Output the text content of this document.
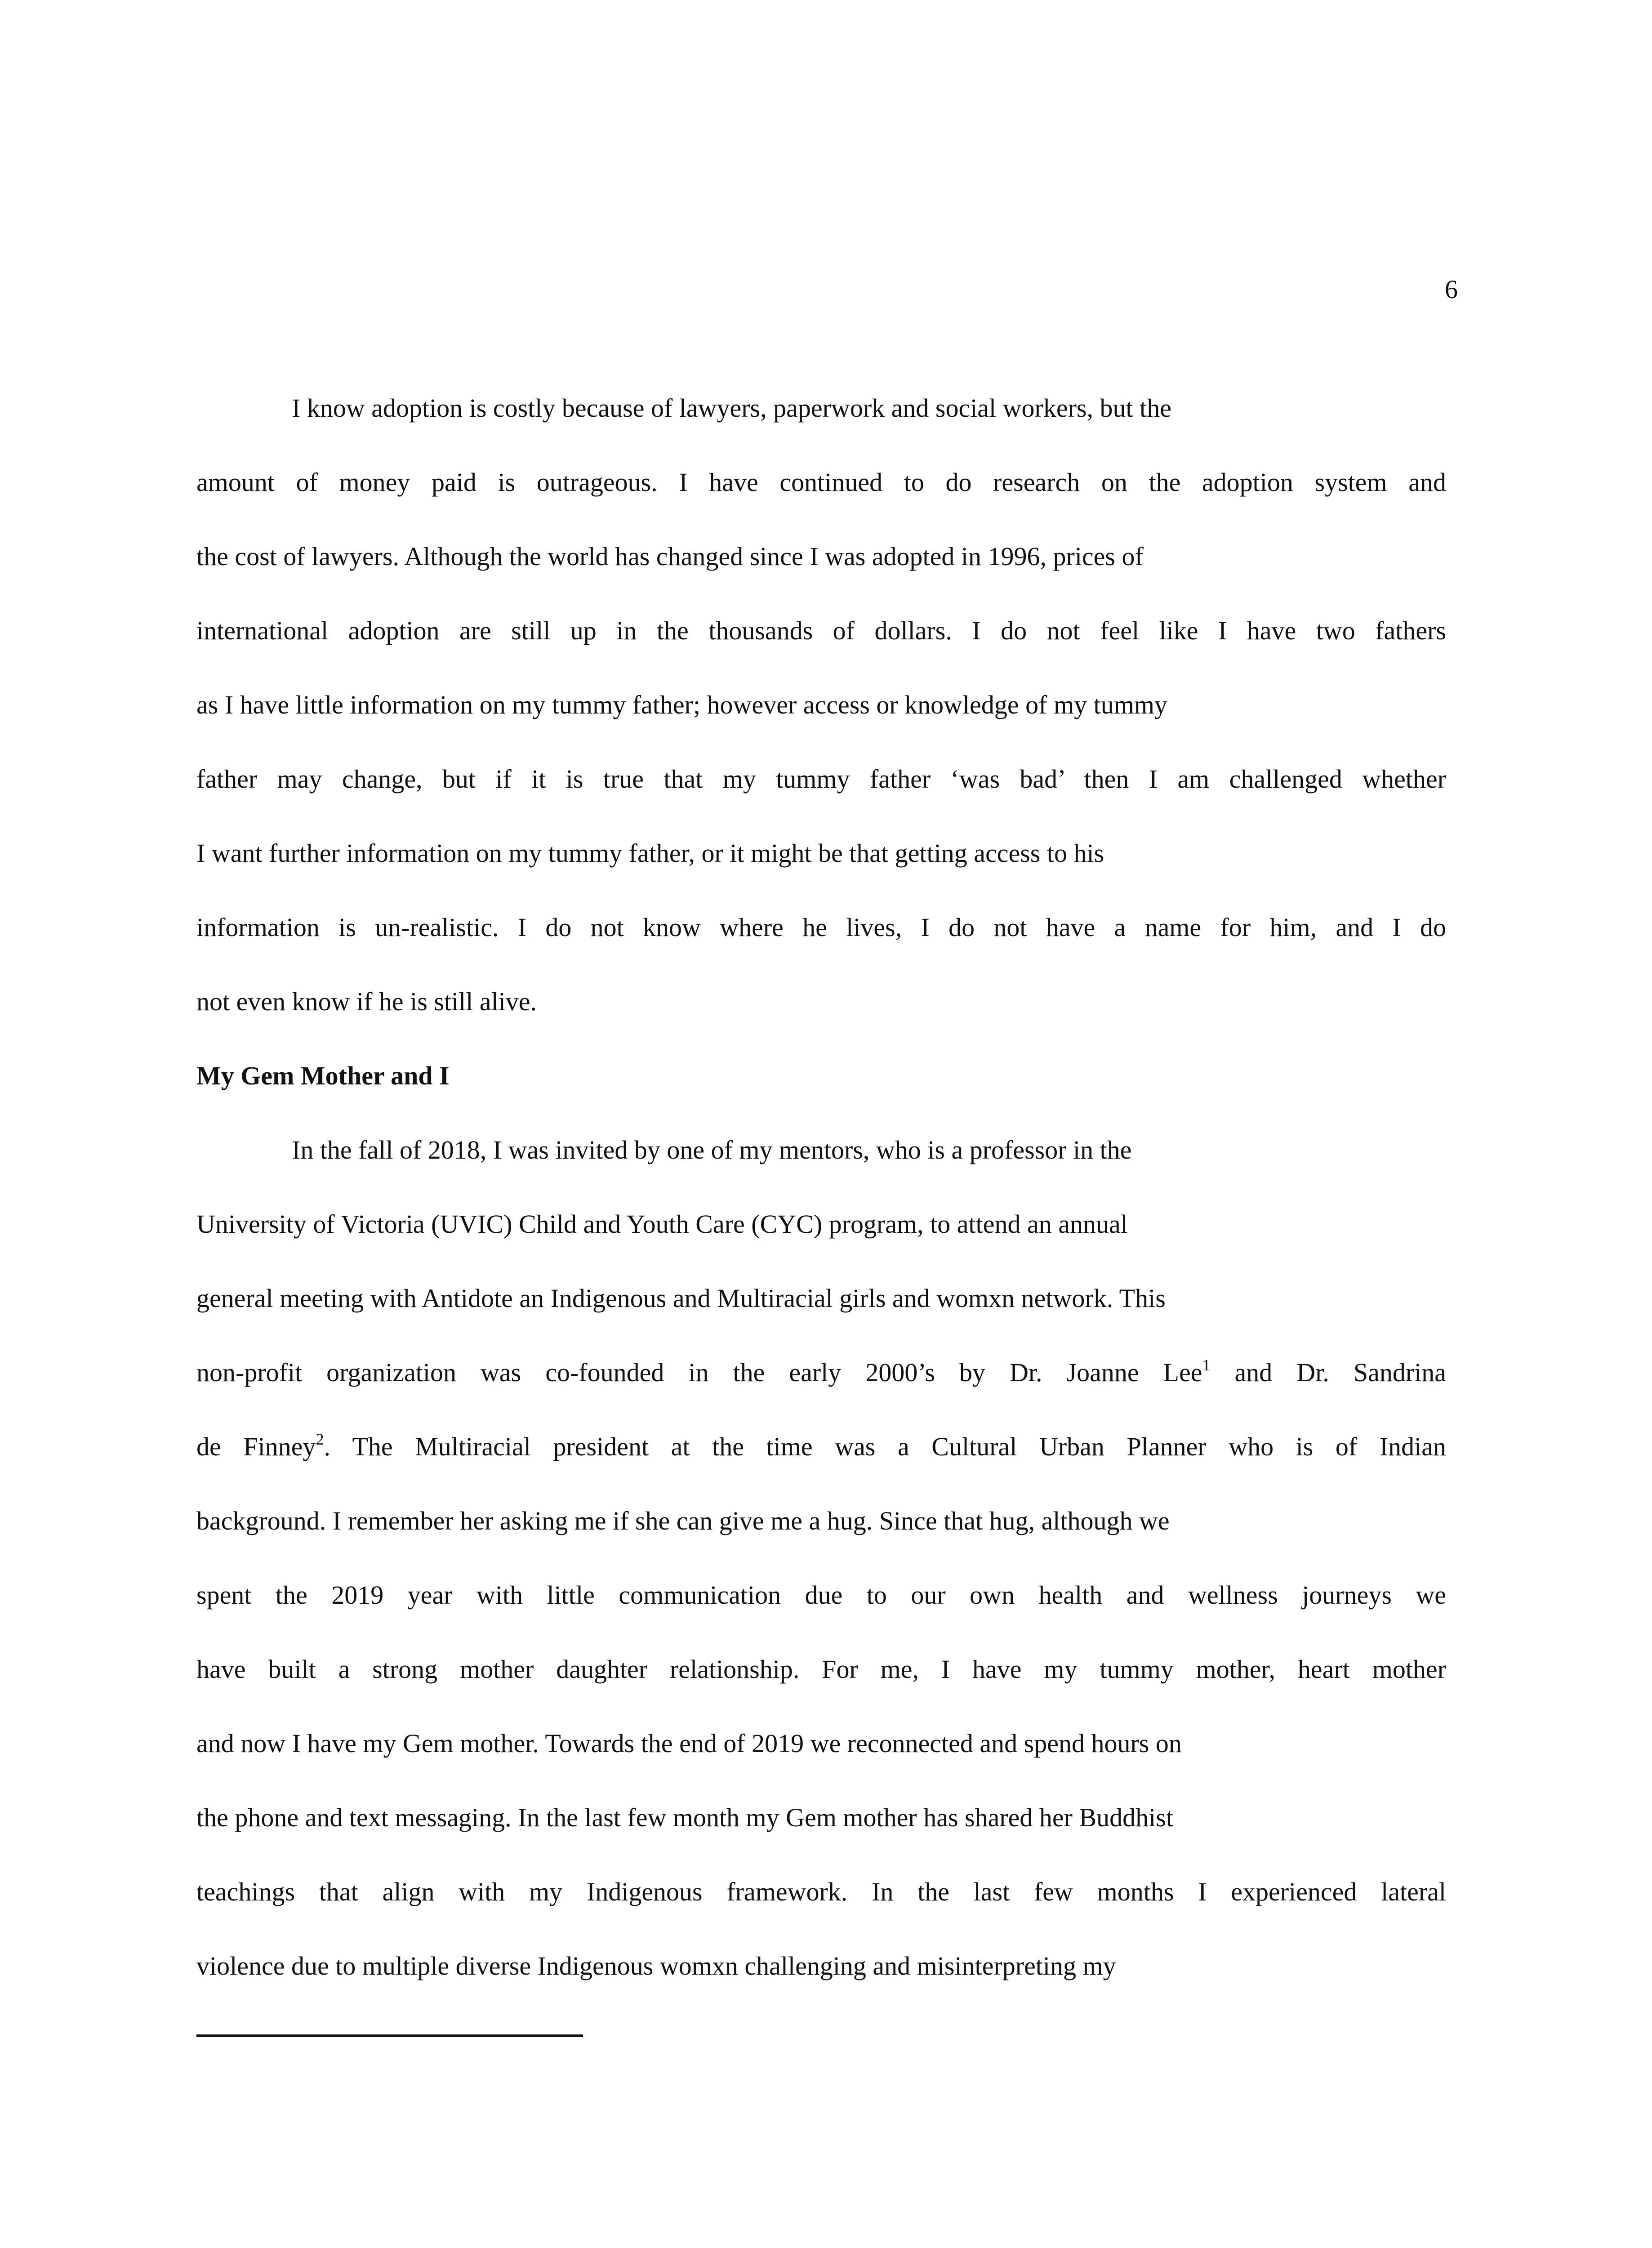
6
I know adoption is costly because of lawyers, paperwork and social workers, but the
amount of money paid is outrageous. I have continued to do research on the adoption system and
the cost of lawyers. Although the world has changed since I was adopted in 1996, prices of
international adoption are still up in the thousands of dollars. I do not feel like I have two fathers
as I have little information on my tummy father; however access or knowledge of my tummy
father may change, but if it is true that my tummy father ‘was bad’ then I am challenged whether
I want further information on my tummy father, or it might be that getting access to his
information is un-realistic. I do not know where he lives, I do not have a name for him, and I do
not even know if he is still alive.
My Gem Mother and I
In the fall of 2018, I was invited by one of my mentors, who is a professor in the
University of Victoria (UVIC) Child and Youth Care (CYC) program, to attend an annual
general meeting with Antidote an Indigenous and Multiracial girls and womxn network. This
non-profit organization was co-founded in the early 2000’s by Dr. Joanne Lee$^1$ and Dr. Sandrina
de Finney$^2$. The Multiracial president at the time was a Cultural Urban Planner who is of Indian
background. I remember her asking me if she can give me a hug. Since that hug, although we
spent the 2019 year with little communication due to our own health and wellness journeys we
have built a strong mother daughter relationship. For me, I have my tummy mother, heart mother
and now I have my Gem mother. Towards the end of 2019 we reconnected and spend hours on
the phone and text messaging. In the last few month my Gem mother has shared her Buddhist
teachings that align with my Indigenous framework. In the last few months I experienced lateral
violence due to multiple diverse Indigenous womxn challenging and misinterpreting my
